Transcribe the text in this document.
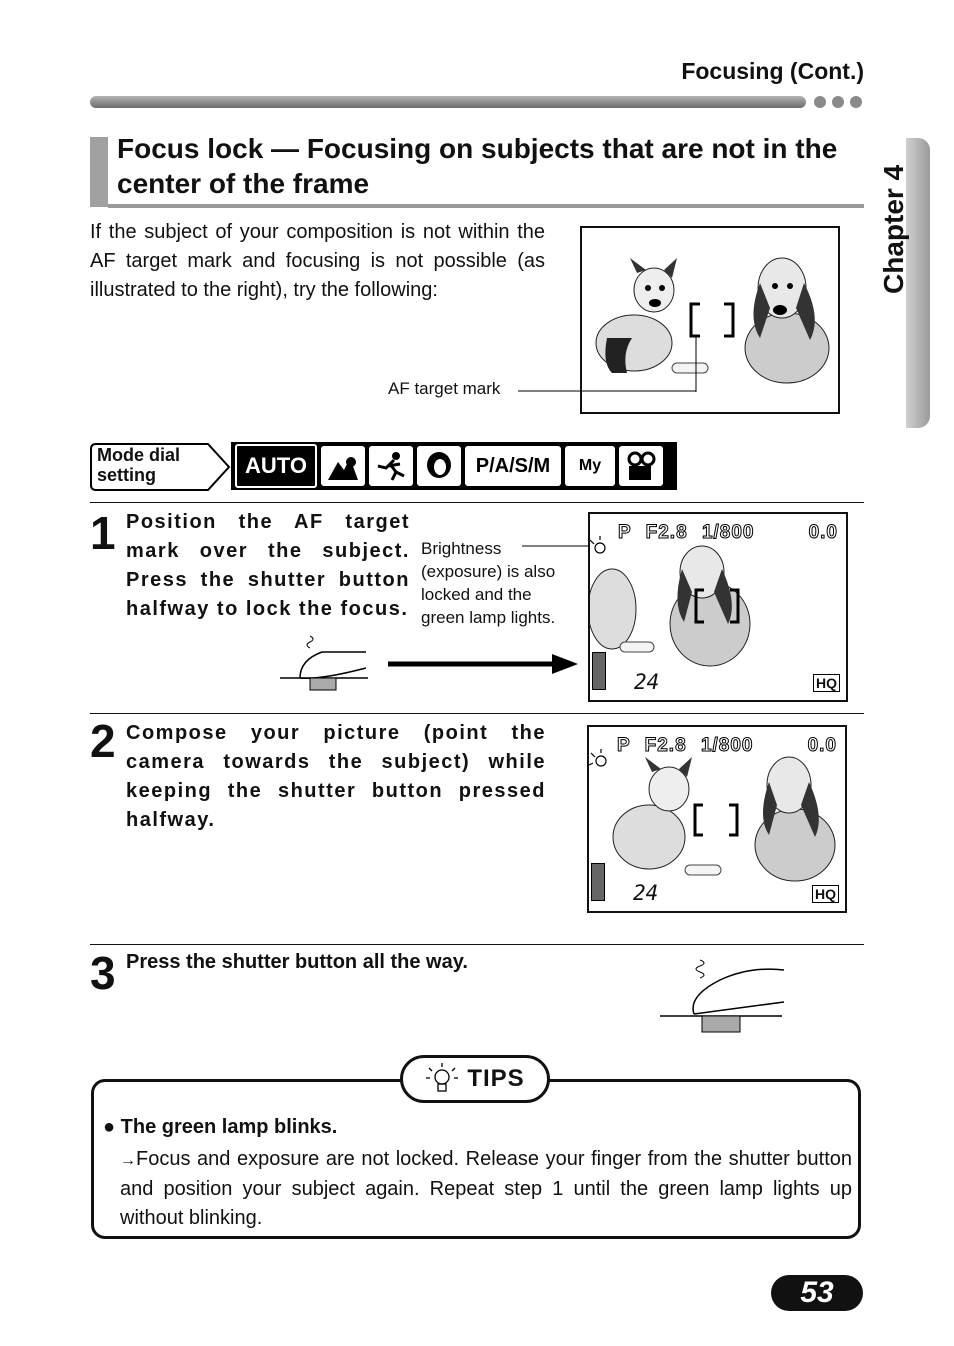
Focusing (Cont.)
Chapter 4
Focus lock — Focusing on subjects that are not in the center of the frame
If the subject of your composition is not within the AF target mark and focusing is not possible (as illustrated to the right), try the following:
AF target mark
Mode dial
setting	AUTO	P/A/S/M My
1 Position the AF target mark over the subject. Press the shutter button halfway to lock the focus.
Brightness (exposure) is also locked and the green lamp lights.
P F2.8 1/800	0.0
24	HQ
2 Compose your picture (point the camera towards the subject) while keeping the shutter button pressed halfway.
P F2.8 1/800	0.0
24	HQ
3 Press the shutter button all the way.
TIPS
● The green lamp blinks.
→Focus and exposure are not locked. Release your finger from the shutter button and position your subject again. Repeat step 1 until the green lamp lights up without blinking.
53
